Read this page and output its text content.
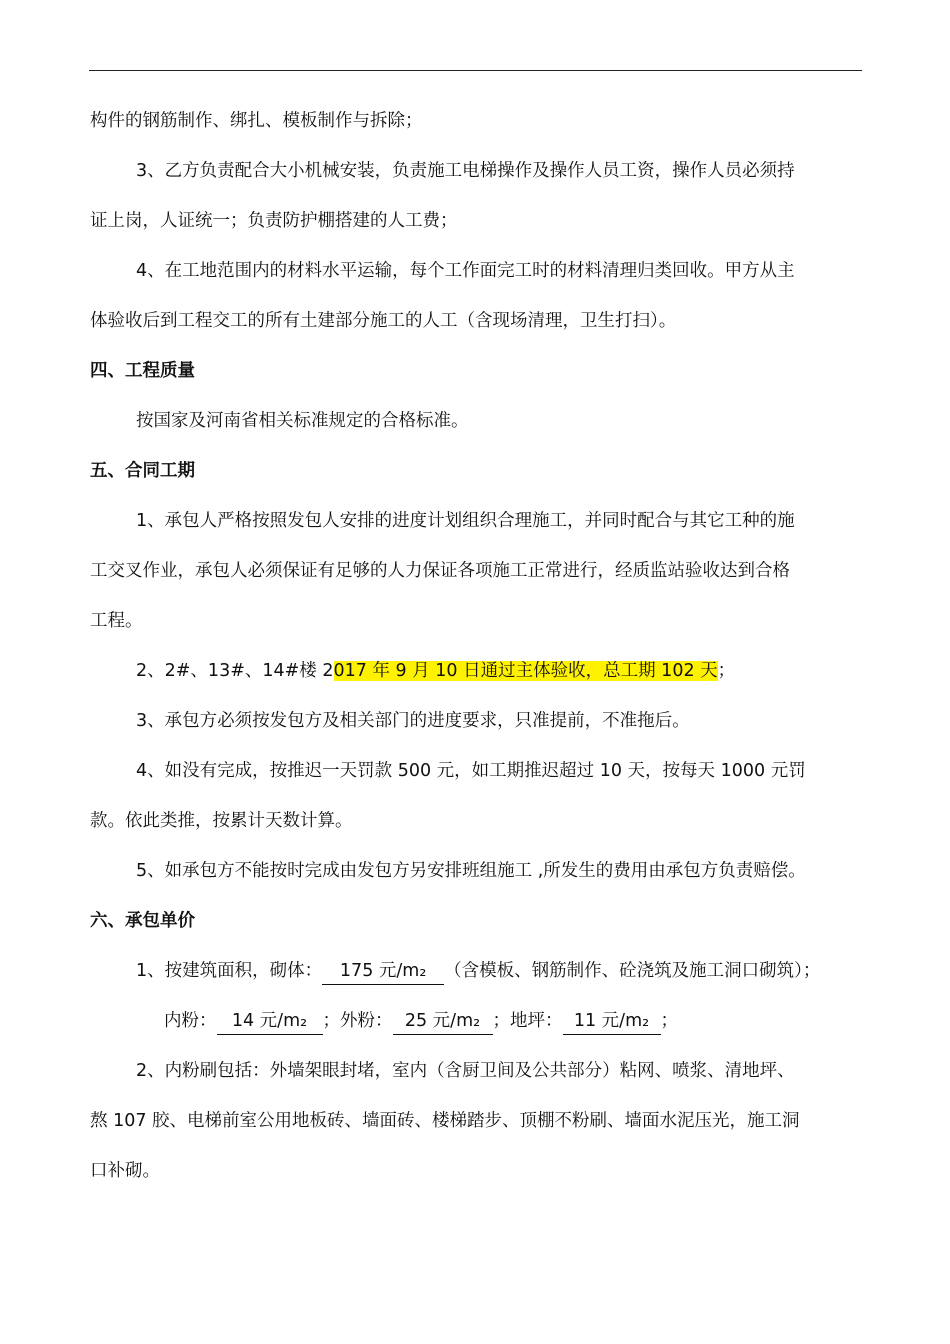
构件的钢筋制作、绑扎、模板制作与拆除；
3、乙方负责配合大小机械安装，负责施工电梯操作及操作人员工资，操作人员必须持
证上岗，人证统一；负责防护棚搭建的人工费；
4、在工地范围内的材料水平运输，每个工作面完工时的材料清理归类回收。甲方从主
体验收后到工程交工的所有土建部分施工的人工（含现场清理，卫生打扫）。
四、工程质量
按国家及河南省相关标准规定的合格标准。
五、合同工期
1、承包人严格按照发包人安排的进度计划组织合理施工，并同时配合与其它工种的施
工交叉作业，承包人必须保证有足够的人力保证各项施工正常进行，经质监站验收达到合格
工程。
2、2#、13#、14#楼 2017 年 9 月 10 日通过主体验收，总工期 102 天；
3、承包方必须按发包方及相关部门的进度要求，只准提前，不准拖后。
4、如没有完成，按推迟一天罚款 500 元，如工期推迟超过 10 天，按每天 1000 元罚
款。依此类推，按累计天数计算。
5、如承包方不能按时完成由发包方另安排班组施工 ,所发生的费用由承包方负责赔偿。
六、承包单价
1、按建筑面积，砌体： 175 元/m₂ （含模板、钢筋制作、砼浇筑及施工洞口砌筑）；
内粉： 14 元/m₂ ；外粉： 25 元/m₂ ；地坪： 11 元/m₂ ；
2、内粉刷包括：外墙架眼封堵，室内（含厨卫间及公共部分）粘网、喷浆、清地坪、
熬 107 胶、电梯前室公用地板砖、墙面砖、楼梯踏步、顶棚不粉刷、墙面水泥压光，施工洞
口补砌。
